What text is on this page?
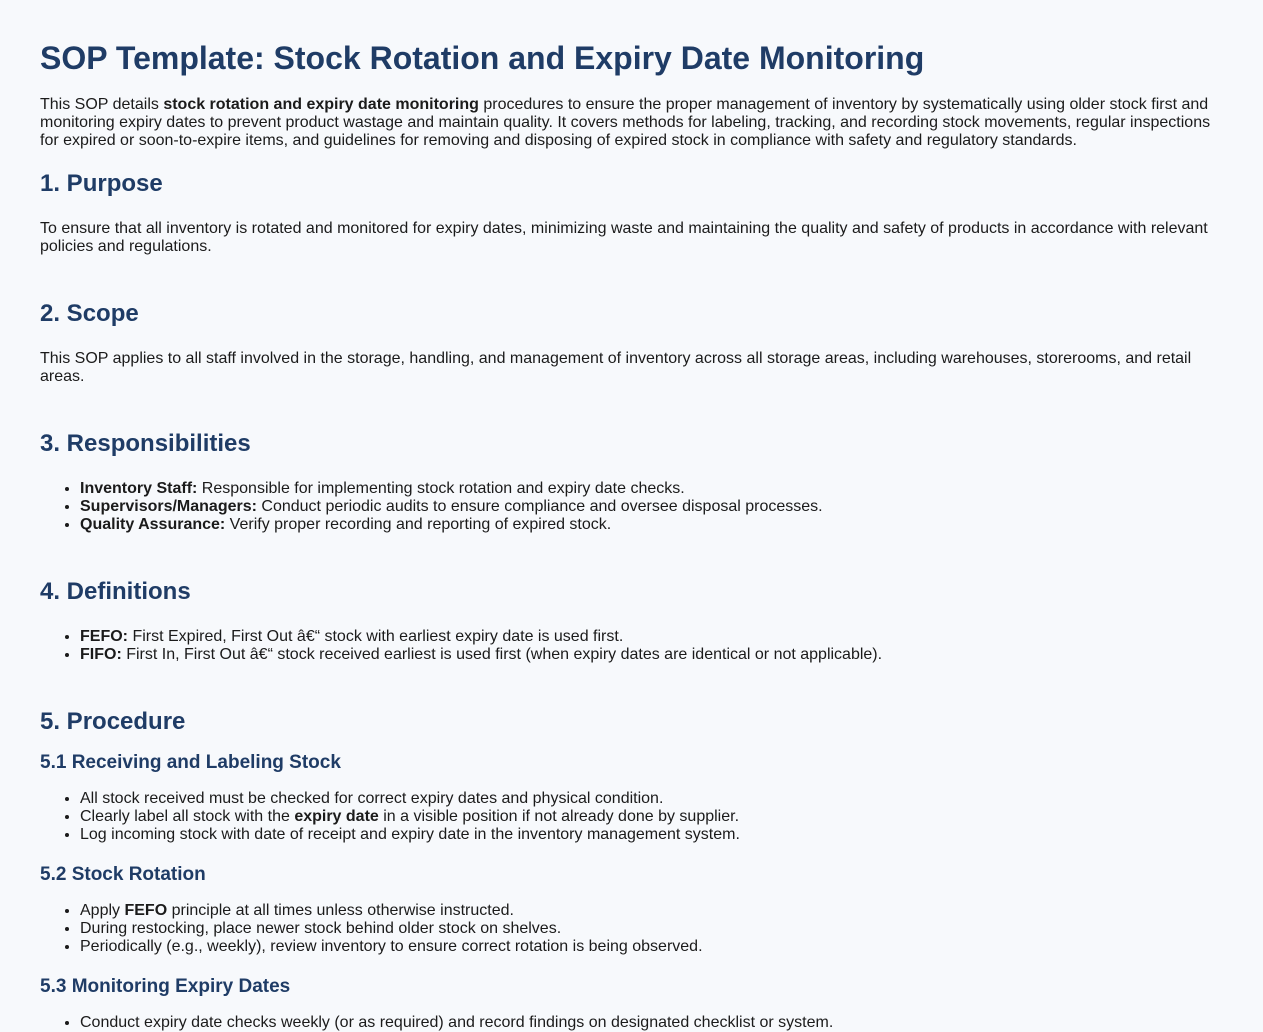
SOP Template: Stock Rotation and Expiry Date Monitoring

This SOP details stock rotation and expiry date monitoring procedures to ensure the proper management of inventory by systematically using older stock first and monitoring expiry dates to prevent product wastage and maintain quality. It covers methods for labeling, tracking, and recording stock movements, regular inspections for expired or soon-to-expire items, and guidelines for removing and disposing of expired stock in compliance with safety and regulatory standards.

1. Purpose

To ensure that all inventory is rotated and monitored for expiry dates, minimizing waste and maintaining the quality and safety of products in accordance with relevant policies and regulations.

2. Scope

This SOP applies to all staff involved in the storage, handling, and management of inventory across all storage areas, including warehouses, storerooms, and retail areas.

3. Responsibilities
• Inventory Staff: Responsible for implementing stock rotation and expiry date checks.
• Supervisors/Managers: Conduct periodic audits to ensure compliance and oversee disposal processes.
• Quality Assurance: Verify proper recording and reporting of expired stock.
4. Definitions
• FEFO: First Expired, First Out â€“ stock with earliest expiry date is used first.
• FIFO: First In, First Out â€“ stock received earliest is used first (when expiry dates are identical or not applicable).
5. Procedure
5.1 Receiving and Labeling Stock
• All stock received must be checked for correct expiry dates and physical condition.
• Clearly label all stock with the expiry date in a visible position if not already done by supplier.
• Log incoming stock with date of receipt and expiry date in the inventory management system.
5.2 Stock Rotation
• Apply FEFO principle at all times unless otherwise instructed.
• During restocking, place newer stock behind older stock on shelves.
• Periodically (e.g., weekly), review inventory to ensure correct rotation is being observed.
5.3 Monitoring Expiry Dates
• Conduct expiry date checks weekly (or as required) and record findings on designated checklist or system.
